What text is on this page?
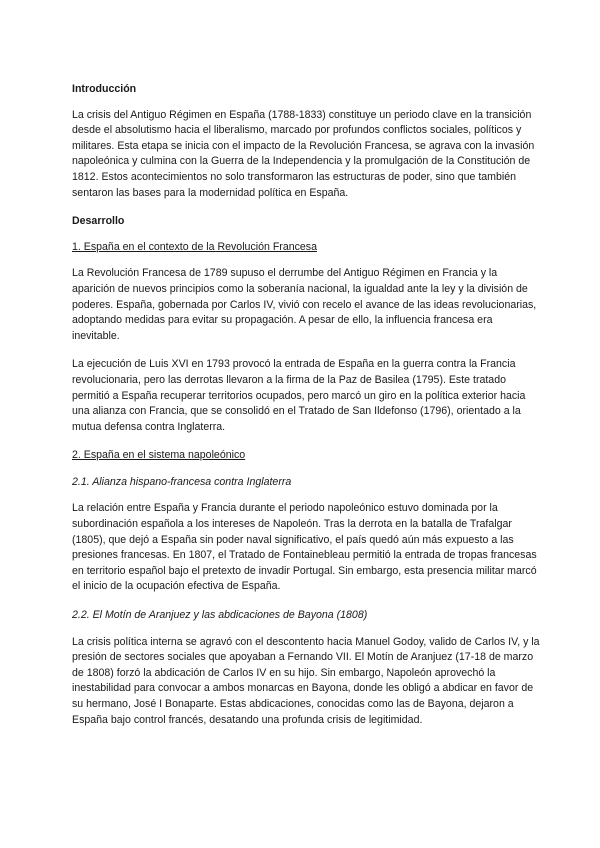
Introducción

La crisis del Antiguo Régimen en España (1788-1833) constituye un periodo clave en la transición desde el absolutismo hacia el liberalismo, marcado por profundos conflictos sociales, políticos y militares. Esta etapa se inicia con el impacto de la Revolución Francesa, se agrava con la invasión napoleónica y culmina con la Guerra de la Independencia y la promulgación de la Constitución de 1812. Estos acontecimientos no solo transformaron las estructuras de poder, sino que también sentaron las bases para la modernidad política en España.

Desarrollo

1. España en el contexto de la Revolución Francesa

La Revolución Francesa de 1789 supuso el derrumbe del Antiguo Régimen en Francia y la aparición de nuevos principios como la soberanía nacional, la igualdad ante la ley y la división de poderes. España, gobernada por Carlos IV, vivió con recelo el avance de las ideas revolucionarias, adoptando medidas para evitar su propagación. A pesar de ello, la influencia francesa era inevitable.

La ejecución de Luis XVI en 1793 provocó la entrada de España en la guerra contra la Francia revolucionaria, pero las derrotas llevaron a la firma de la Paz de Basilea (1795). Este tratado permitió a España recuperar territorios ocupados, pero marcó un giro en la política exterior hacia una alianza con Francia, que se consolidó en el Tratado de San Ildefonso (1796), orientado a la mutua defensa contra Inglaterra.

2. España en el sistema napoleónico

2.1. Alianza hispano-francesa contra Inglaterra

La relación entre España y Francia durante el periodo napoleónico estuvo dominada por la subordinación española a los intereses de Napoleón. Tras la derrota en la batalla de Trafalgar (1805), que dejó a España sin poder naval significativo, el país quedó aún más expuesto a las presiones francesas. En 1807, el Tratado de Fontainebleau permitió la entrada de tropas francesas en territorio español bajo el pretexto de invadir Portugal. Sin embargo, esta presencia militar marcó el inicio de la ocupación efectiva de España.

2.2. El Motín de Aranjuez y las abdicaciones de Bayona (1808)

La crisis política interna se agravó con el descontento hacia Manuel Godoy, valido de Carlos IV, y la presión de sectores sociales que apoyaban a Fernando VII. El Motín de Aranjuez (17-18 de marzo de 1808) forzó la abdicación de Carlos IV en su hijo. Sin embargo, Napoleón aprovechó la inestabilidad para convocar a ambos monarcas en Bayona, donde les obligó a abdicar en favor de su hermano, José I Bonaparte. Estas abdicaciones, conocidas como las de Bayona, dejaron a España bajo control francés, desatando una profunda crisis de legitimidad.
